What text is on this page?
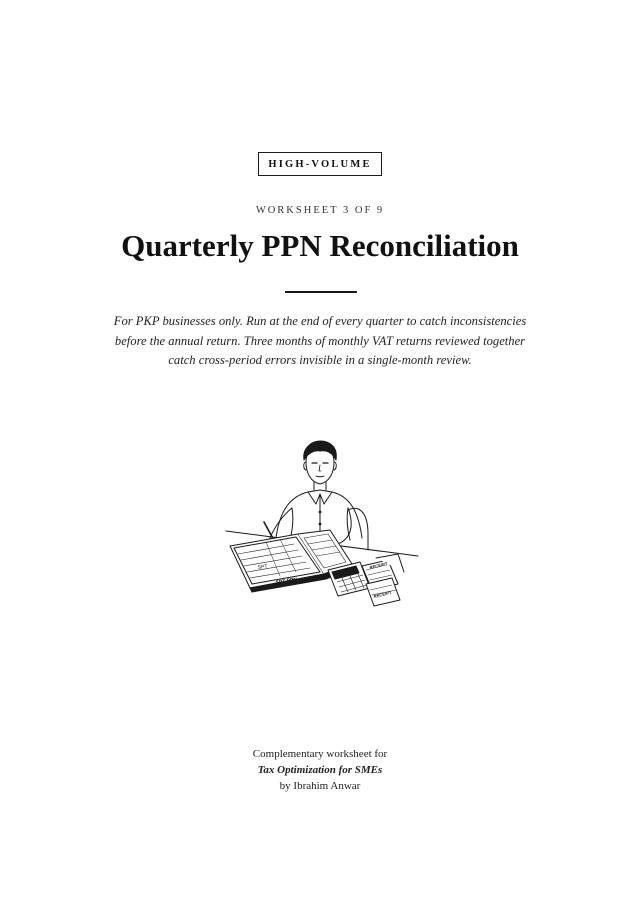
HIGH-VOLUME
WORKSHEET 3 OF 9
Quarterly PPN Reconciliation
For PKP businesses only. Run at the end of every quarter to catch inconsistencies
before the annual return. Three months of monthly VAT returns reviewed together
catch cross-period errors invisible in a single-month review.
SPT
SPT PPN
RECEIPT
RECEIPT
Complementary worksheet for
Tax Optimization for SMEs
by Ibrahim Anwar
